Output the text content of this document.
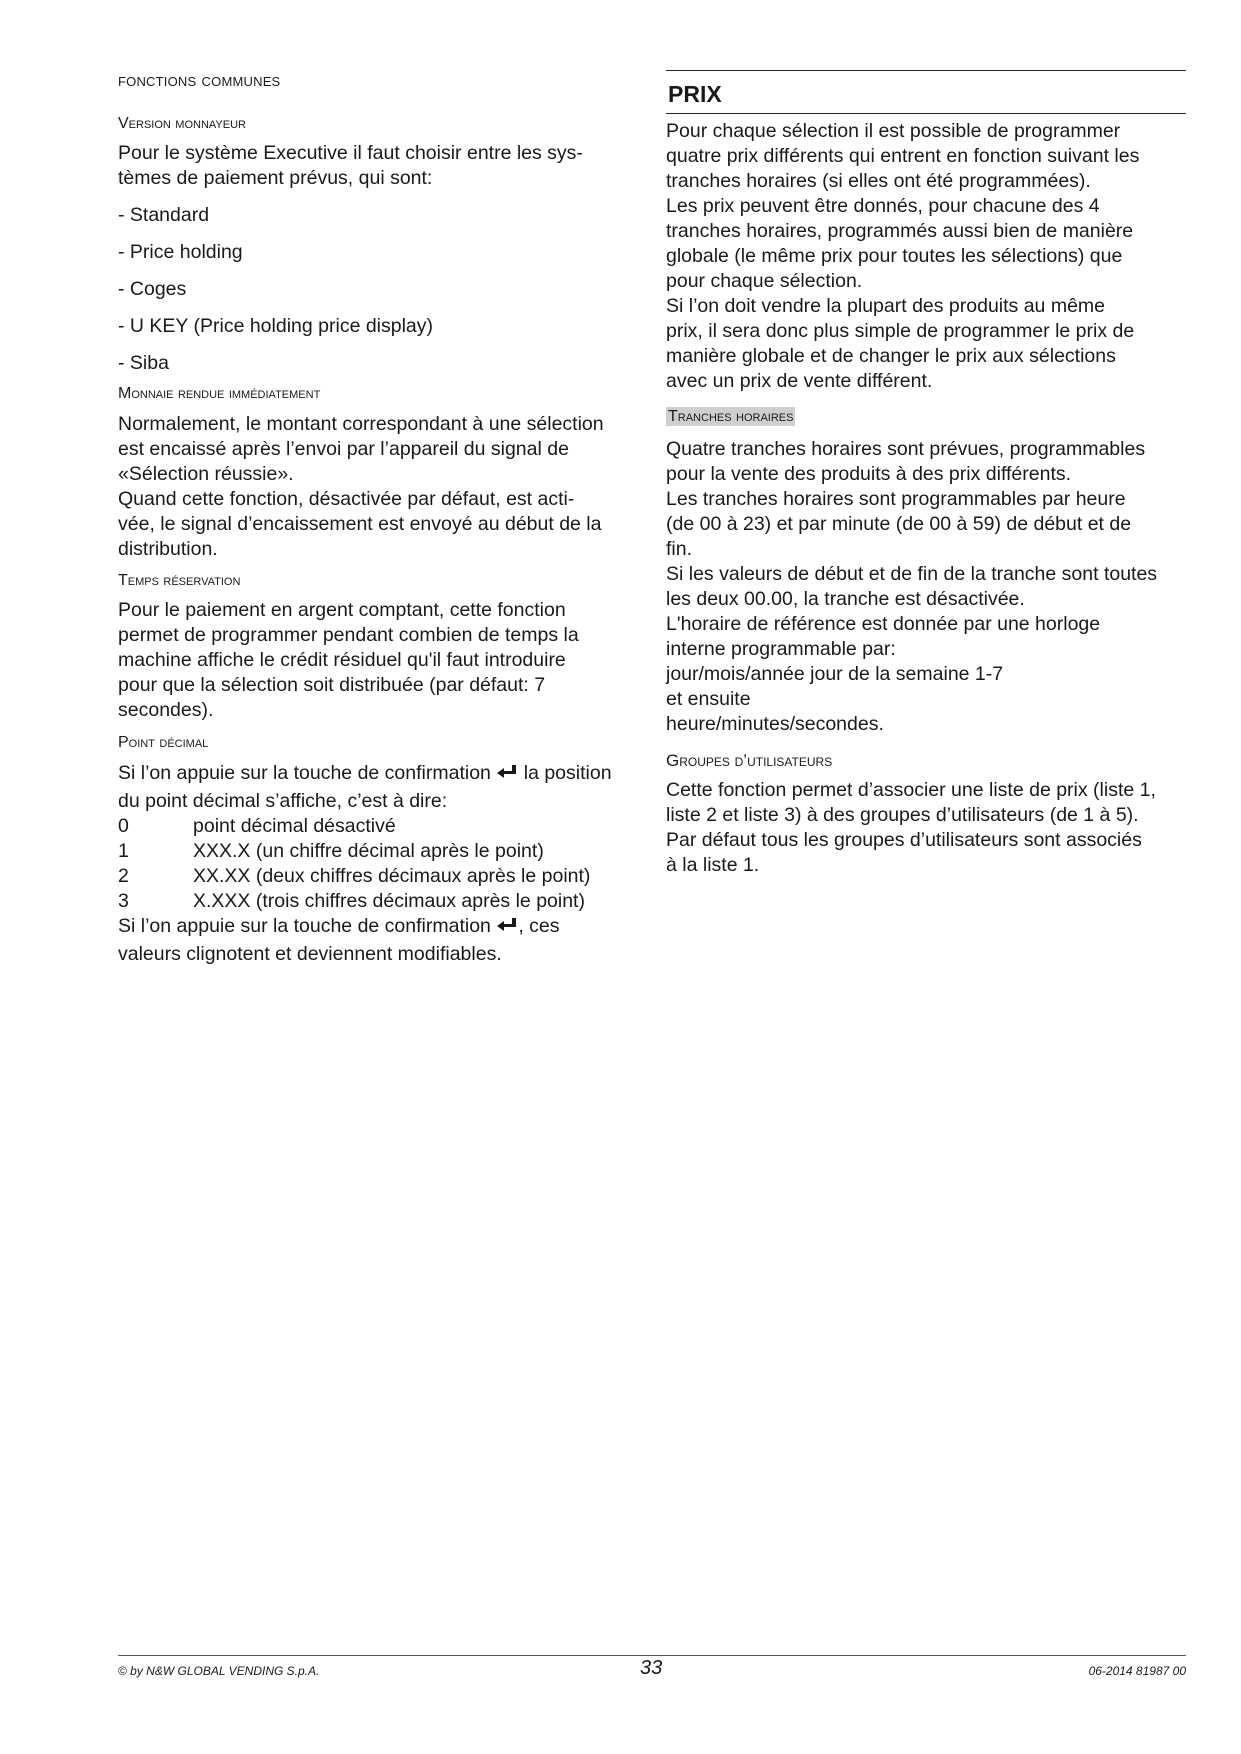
fonctions communes
Version monnayeur
Pour le système Executive il faut choisir entre les sys-
tèmes de paiement prévus, qui sont:
- Standard
- Price holding
- Coges
- U KEY (Price holding price display)
- Siba
Monnaie rendue immédiatement
Normalement, le montant correspondant à une sélection
est encaissé après l’envoi par l’appareil du signal de
«Sélection réussie».
Quand cette fonction, désactivée par défaut, est acti-
vée, le signal d’encaissement est envoyé au début de la
distribution.
Temps réservation
Pour le paiement en argent comptant, cette fonction
permet de programmer pendant combien de temps la
machine affiche le crédit résiduel qu'il faut introduire
pour que la sélection soit distribuée (par défaut: 7
secondes).
Point décimal
Si l’on appuie sur la touche de confirmation la position
du point décimal s’affiche, c’est à dire:
0	point décimal désactivé
1	XXX.X (un chiffre décimal après le point)
2	XX.XX (deux chiffres décimaux après le point)
3	X.XXX (trois chiffres décimaux après le point)
Si l’on appuie sur la touche de confirmation , ces
valeurs clignotent et deviennent modifiables.
PRIX
Pour chaque sélection il est possible de programmer
quatre prix différents qui entrent en fonction suivant les
tranches horaires (si elles ont été programmées).
Les prix peuvent être donnés, pour chacune des 4
tranches horaires, programmés aussi bien de manière
globale (le même prix pour toutes les sélections) que
pour chaque sélection.
Si l’on doit vendre la plupart des produits au même
prix, il sera donc plus simple de programmer le prix de
manière globale et de changer le prix aux sélections
avec un prix de vente différent.
Tranches horaires
Quatre tranches horaires sont prévues, programmables
pour la vente des produits à des prix différents.
Les tranches horaires sont programmables par heure
(de 00 à 23) et par minute (de 00 à 59) de début et de
fin.
Si les valeurs de début et de fin de la tranche sont toutes
les deux 00.00, la tranche est désactivée.
L'horaire de référence est donnée par une horloge
interne programmable par:
jour/mois/année jour de la semaine 1-7
et ensuite
heure/minutes/secondes.
Groupes d’utilisateurs
Cette fonction permet d’associer une liste de prix (liste 1,
liste 2 et liste 3) à des groupes d’utilisateurs (de 1 à 5).
Par défaut tous les groupes d’utilisateurs sont associés
à la liste 1.
© by N&W GLOBAL VENDING S.p.A.	33	06-2014 81987 00
